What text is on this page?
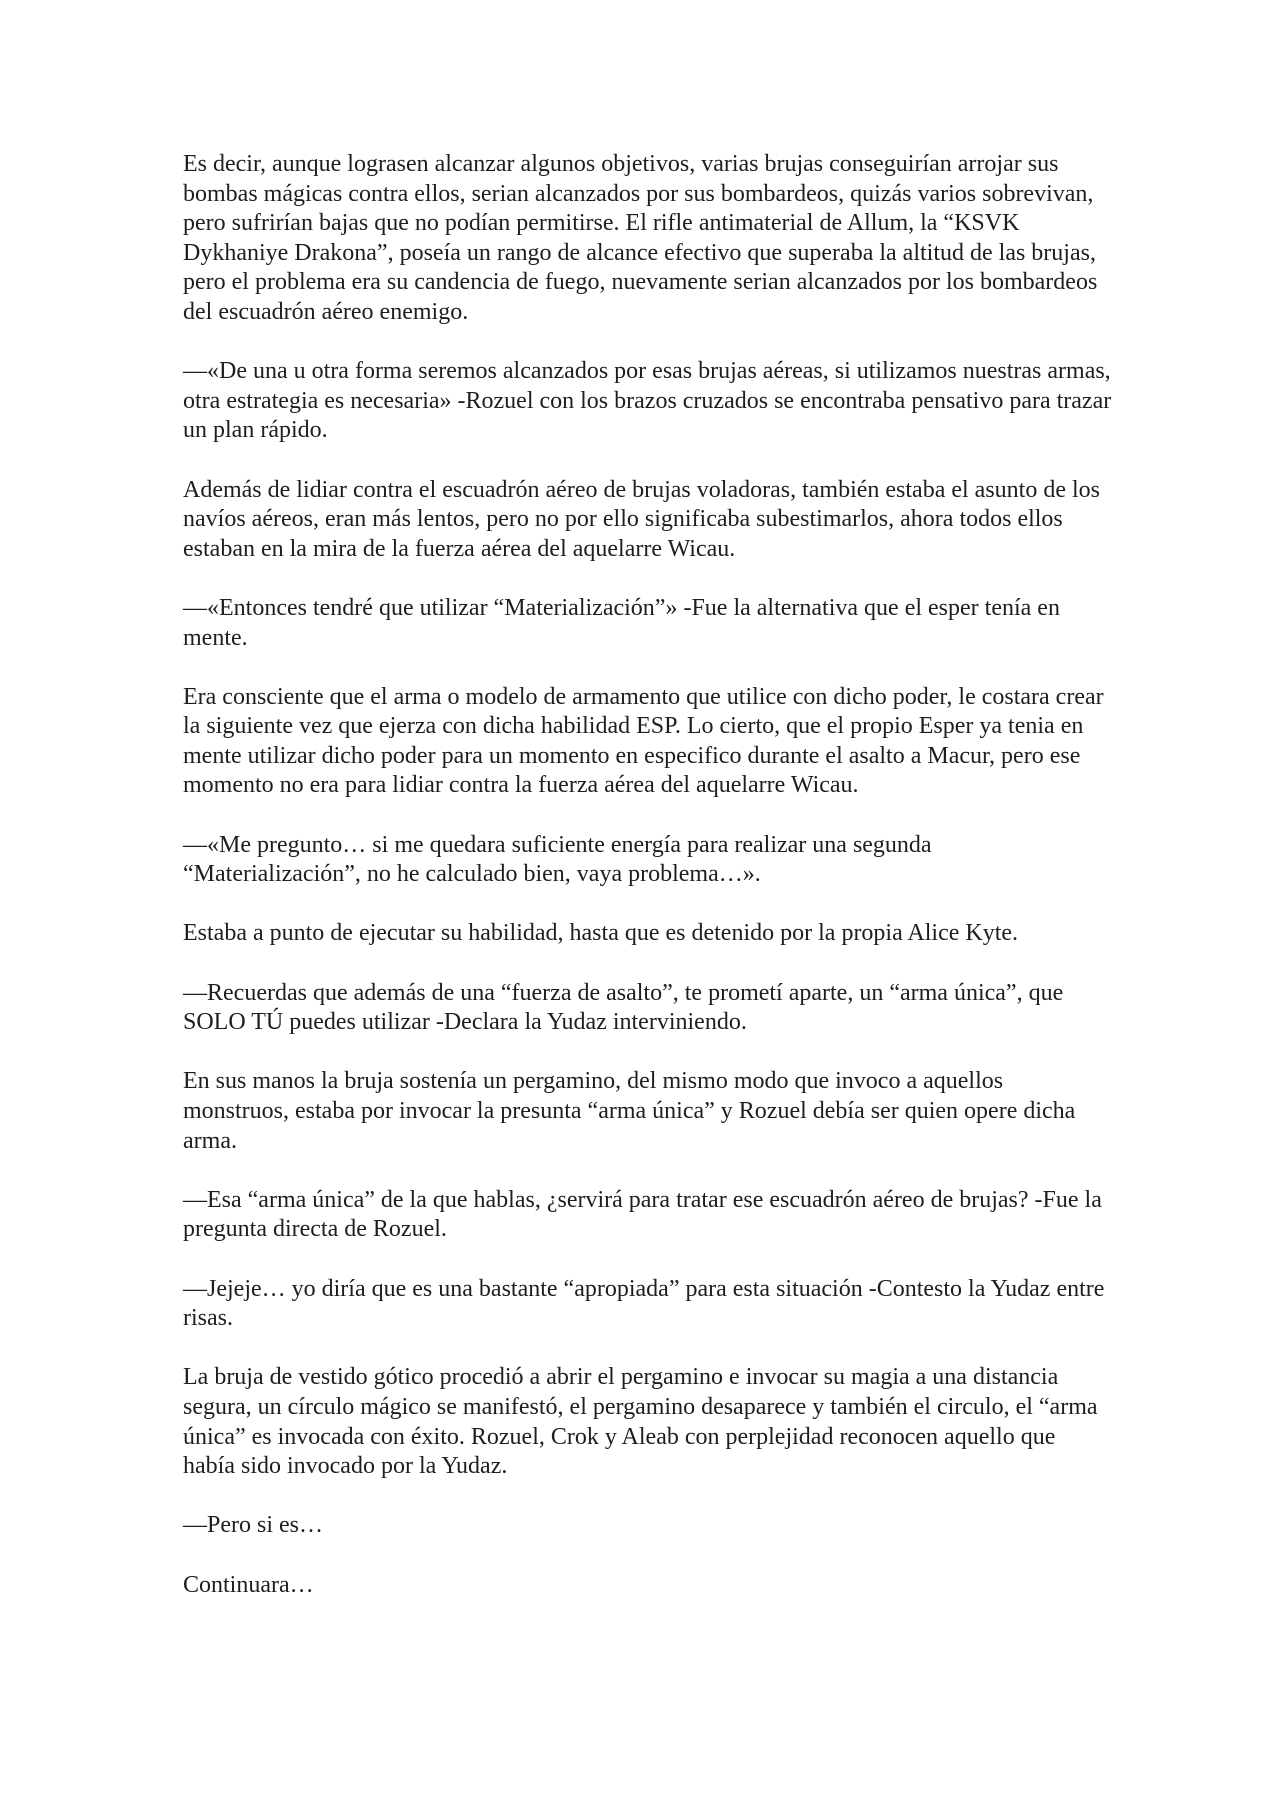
Es decir, aunque lograsen alcanzar algunos objetivos, varias brujas conseguirían arrojar sus bombas mágicas contra ellos, serian alcanzados por sus bombardeos, quizás varios sobrevivan, pero sufrirían bajas que no podían permitirse. El rifle antimaterial de Allum, la “KSVK Dykhaniye Drakona”, poseía un rango de alcance efectivo que superaba la altitud de las brujas, pero el problema era su candencia de fuego, nuevamente serian alcanzados por los bombardeos del escuadrón aéreo enemigo.

—«De una u otra forma seremos alcanzados por esas brujas aéreas, si utilizamos nuestras armas, otra estrategia es necesaria» -Rozuel con los brazos cruzados se encontraba pensativo para trazar un plan rápido.

Además de lidiar contra el escuadrón aéreo de brujas voladoras, también estaba el asunto de los navíos aéreos, eran más lentos, pero no por ello significaba subestimarlos, ahora todos ellos estaban en la mira de la fuerza aérea del aquelarre Wicau.

—«Entonces tendré que utilizar “Materialización”» -Fue la alternativa que el esper tenía en mente.

Era consciente que el arma o modelo de armamento que utilice con dicho poder, le costara crear la siguiente vez que ejerza con dicha habilidad ESP. Lo cierto, que el propio Esper ya tenia en mente utilizar dicho poder para un momento en especifico durante el asalto a Macur, pero ese momento no era para lidiar contra la fuerza aérea del aquelarre Wicau.

—«Me pregunto… si me quedara suficiente energía para realizar una segunda “Materialización”, no he calculado bien, vaya problema…».

Estaba a punto de ejecutar su habilidad, hasta que es detenido por la propia Alice Kyte.

—Recuerdas que además de una “fuerza de asalto”, te prometí aparte, un “arma única”, que SOLO TÚ puedes utilizar -Declara la Yudaz interviniendo.

En sus manos la bruja sostenía un pergamino, del mismo modo que invoco a aquellos monstruos, estaba por invocar la presunta “arma única” y Rozuel debía ser quien opere dicha arma.

—Esa “arma única” de la que hablas, ¿servirá para tratar ese escuadrón aéreo de brujas? -Fue la pregunta directa de Rozuel.

—Jejeje… yo diría que es una bastante “apropiada” para esta situación -Contesto la Yudaz entre risas.

La bruja de vestido gótico procedió a abrir el pergamino e invocar su magia a una distancia segura, un círculo mágico se manifestó, el pergamino desaparece y también el circulo, el “arma única” es invocada con éxito. Rozuel, Crok y Aleab con perplejidad reconocen aquello que había sido invocado por la Yudaz.

—Pero si es…

Continuara…
